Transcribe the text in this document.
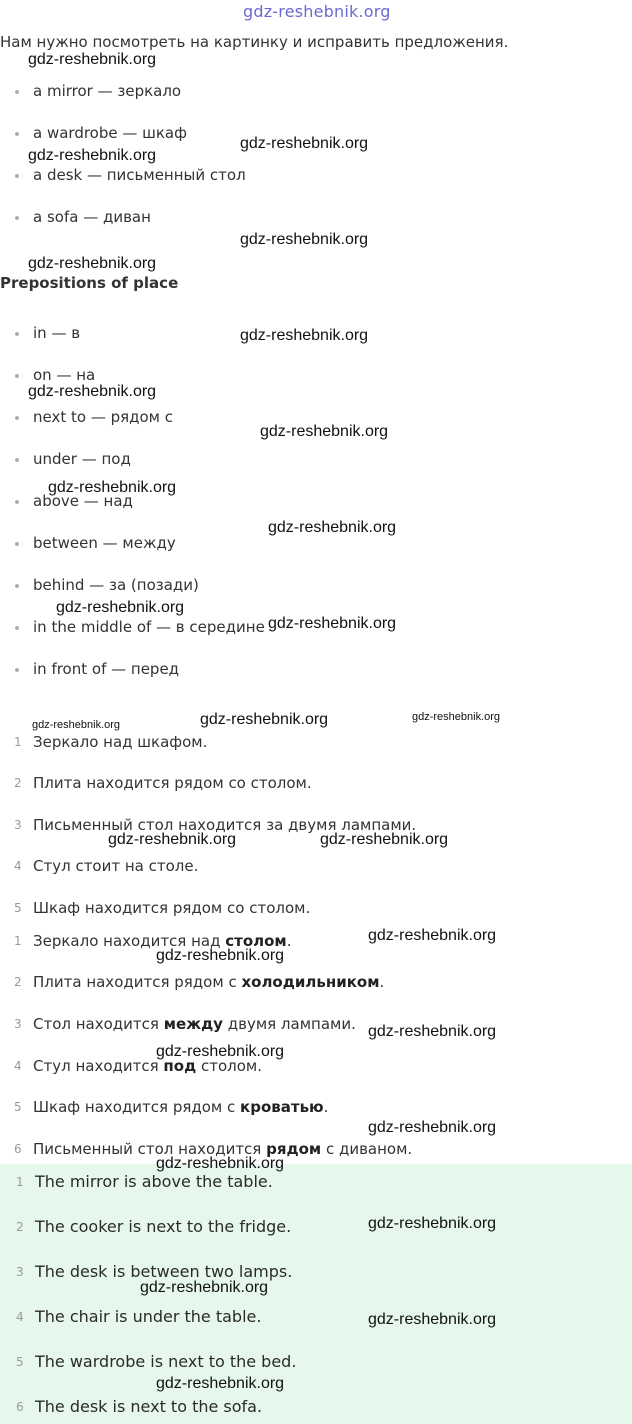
gdz-reshebnik.org
Нам нужно посмотреть на картинку и исправить предложения.
a mirror — зеркало
a wardrobe — шкаф
a desk — письменный стол
a sofa — диван
Prepositions of place
in — в
on — на
next to — рядом с
under — под
above — над
between — между
behind — за (позади)
in the middle of — в середине
in front of — перед
1 Зеркало над шкафом.
2 Плита находится рядом со столом.
3 Письменный стол находится за двумя лампами.
4 Стул стоит на столе.
5 Шкаф находится рядом со столом.
1 Зеркало находится над столом.
2 Плита находится рядом с холодильником.
3 Стол находится между двумя лампами.
4 Стул находится под столом.
5 Шкаф находится рядом с кроватью.
6 Письменный стол находится рядом с диваном.
1 The mirror is above the table.
2 The cooker is next to the fridge.
3 The desk is between two lamps.
4 The chair is under the table.
5 The wardrobe is next to the bed.
6 The desk is next to the sofa.
gdz-reshebnik.org
gdz-reshebnik.org
gdz-reshebnik.org
gdz-reshebnik.org
gdz-reshebnik.org
gdz-reshebnik.org
gdz-reshebnik.org
gdz-reshebnik.org
gdz-reshebnik.org
gdz-reshebnik.org
gdz-reshebnik.org
gdz-reshebnik.org
gdz-reshebnik.org	gdz-reshebnik.org	gdz-reshebnik.org
gdz-reshebnik.org	gdz-reshebnik.org
gdz-reshebnik.org
gdz-reshebnik.org
gdz-reshebnik.org
gdz-reshebnik.org
gdz-reshebnik.org
gdz-reshebnik.org
gdz-reshebnik.org
gdz-reshebnik.org
gdz-reshebnik.org
gdz-reshebnik.org
